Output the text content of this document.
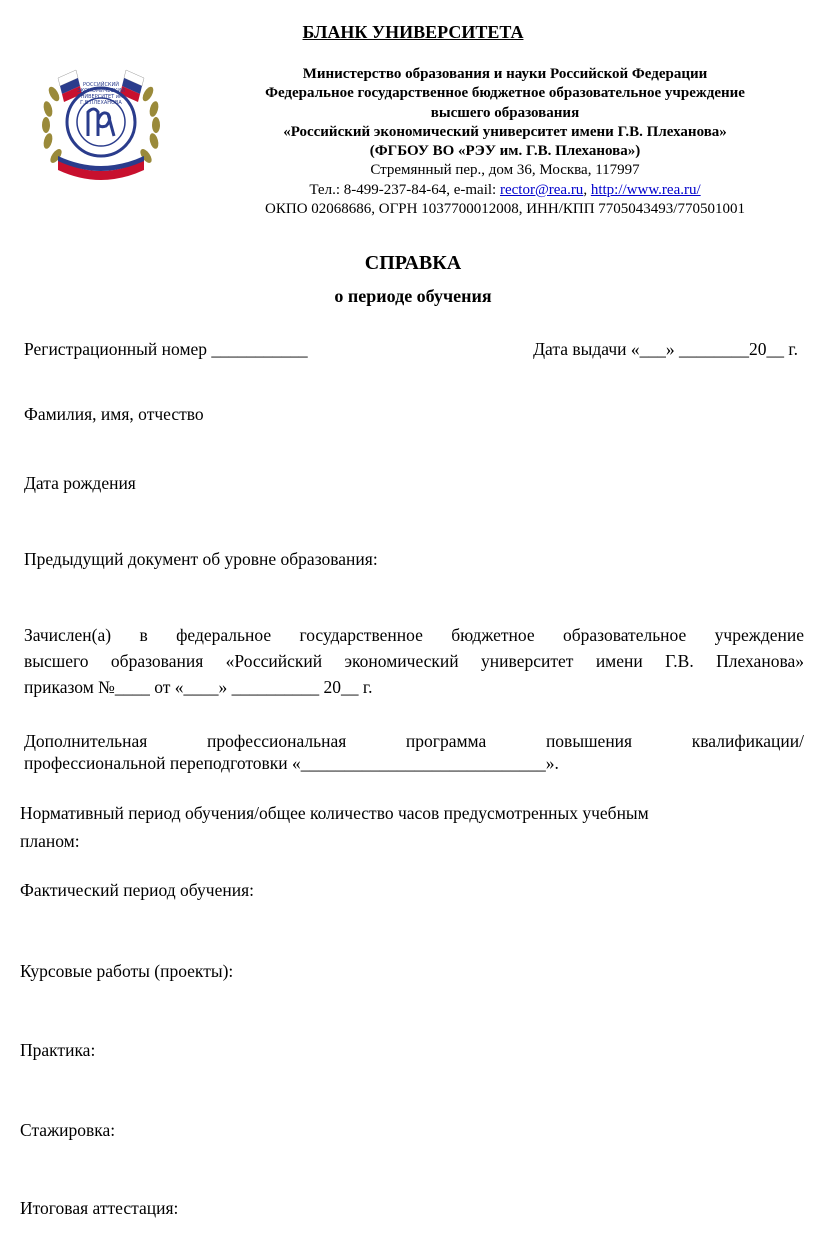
БЛАНК УНИВЕРСИТЕТА
РОССИЙСКИЙ ЭКОНОМИЧЕСКИЙ УНИВЕРСИТЕТ им. Г.В.ПЛЕХАНОВА
Министерство образования и науки Российской Федерации
Федеральное государственное бюджетное образовательное учреждение
высшего образования
«Российский экономический университет имени Г.В. Плеханова»
(ФГБОУ ВО «РЭУ им. Г.В. Плеханова»)
Стремянный пер., дом 36, Москва, 117997
Тел.: 8-499-237-84-64, e-mail: rector@rea.ru, http://www.rea.ru/
ОКПО 02068686, ОГРН 1037700012008, ИНН/КПП 7705043493/770501001
СПРАВКА
о периоде обучения
Регистрационный номер ___________	Дата выдачи «___» ________20__ г.
Фамилия, имя, отчество
Дата рождения
Предыдущий документ об уровне образования:
Зачислен(а) в федеральное государственное бюджетное образовательное учреждение
высшего образования «Российский экономический университет имени Г.В. Плеханова»
приказом №____ от «____» __________ 20__ г.
Дополнительная	профессиональная	программа	повышения	квалификации/
профессиональной переподготовки «____________________________».
Нормативный период обучения/общее количество часов предусмотренных учебным
планом:
Фактический период обучения:
Курсовые работы (проекты):
Практика:
Стажировка:
Итоговая аттестация:
